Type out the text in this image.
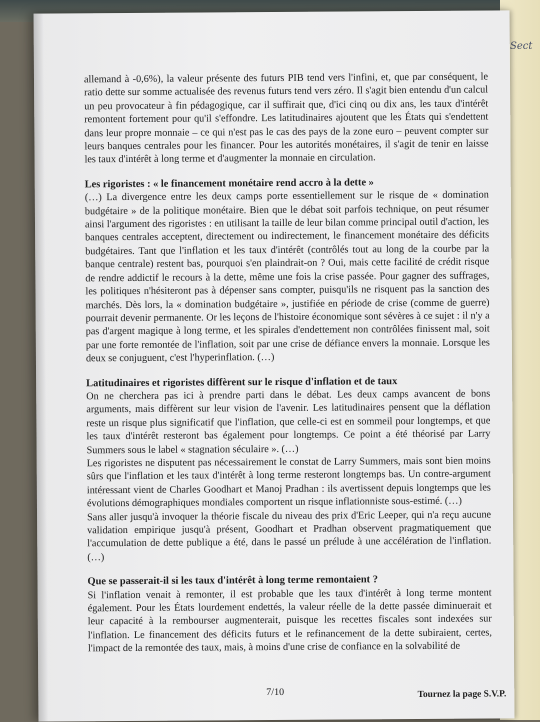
Sect

allemand à -0,6%), la valeur présente des futurs PIB tend vers l'infini, et, que par conséquent, le ratio dette sur somme actualisée des revenus futurs tend vers zéro. Il s'agit bien entendu d'un calcul un peu provocateur à fin pédagogique, car il suffirait que, d'ici cinq ou dix ans, les taux d'intérêt remontent fortement pour qu'il s'effondre. Les latitudinaires ajoutent que les États qui s'endettent dans leur propre monnaie – ce qui n'est pas le cas des pays de la zone euro – peuvent compter sur leurs banques centrales pour les financer. Pour les autorités monétaires, il s'agit de tenir en laisse les taux d'intérêt à long terme et d'augmenter la monnaie en circulation.

Les rigoristes : « le financement monétaire rend accro à la dette »

(…) La divergence entre les deux camps porte essentiellement sur le risque de « domination budgétaire » de la politique monétaire. Bien que le débat soit parfois technique, on peut résumer ainsi l'argument des rigoristes : en utilisant la taille de leur bilan comme principal outil d'action, les banques centrales acceptent, directement ou indirectement, le financement monétaire des déficits budgétaires. Tant que l'inflation et les taux d'intérêt (contrôlés tout au long de la courbe par la banque centrale) restent bas, pourquoi s'en plaindrait-on ? Oui, mais cette facilité de crédit risque de rendre addictif le recours à la dette, même une fois la crise passée. Pour gagner des suffrages, les politiques n'hésiteront pas à dépenser sans compter, puisqu'ils ne risquent pas la sanction des marchés. Dès lors, la « domination budgétaire », justifiée en période de crise (comme de guerre) pourrait devenir permanente. Or les leçons de l'histoire économique sont sévères à ce sujet : il n'y a pas d'argent magique à long terme, et les spirales d'endettement non contrôlées finissent mal, soit par une forte remontée de l'inflation, soit par une crise de défiance envers la monnaie. Lorsque les deux se conjuguent, c'est l'hyperinflation. (…)

Latitudinaires et rigoristes diffèrent sur le risque d'inflation et de taux

On ne cherchera pas ici à prendre parti dans le débat. Les deux camps avancent de bons arguments, mais diffèrent sur leur vision de l'avenir. Les latitudinaires pensent que la déflation reste un risque plus significatif que l'inflation, que celle-ci est en sommeil pour longtemps, et que les taux d'intérêt resteront bas également pour longtemps. Ce point a été théorisé par Larry Summers sous le label « stagnation séculaire ». (…)

Les rigoristes ne disputent pas nécessairement le constat de Larry Summers, mais sont bien moins sûrs que l'inflation et les taux d'intérêt à long terme resteront longtemps bas. Un contre-argument intéressant vient de Charles Goodhart et Manoj Pradhan : ils avertissent depuis longtemps que les évolutions démographiques mondiales comportent un risque inflationniste sous-estimé. (…)

Sans aller jusqu'à invoquer la théorie fiscale du niveau des prix d'Eric Leeper, qui n'a reçu aucune validation empirique jusqu'à présent, Goodhart et Pradhan observent pragmatiquement que l'accumulation de dette publique a été, dans le passé un prélude à une accélération de l'inflation. (…)

Que se passerait-il si les taux d'intérêt à long terme remontaient ?

Si l'inflation venait à remonter, il est probable que les taux d'intérêt à long terme montent également. Pour les États lourdement endettés, la valeur réelle de la dette passée diminuerait et leur capacité à la rembourser augmenterait, puisque les recettes fiscales sont indexées sur l'inflation. Le financement des déficits futurs et le refinancement de la dette subiraient, certes, l'impact de la remontée des taux, mais, à moins d'une crise de confiance en la solvabilité de

7/10	Tournez la page S.V.P.
